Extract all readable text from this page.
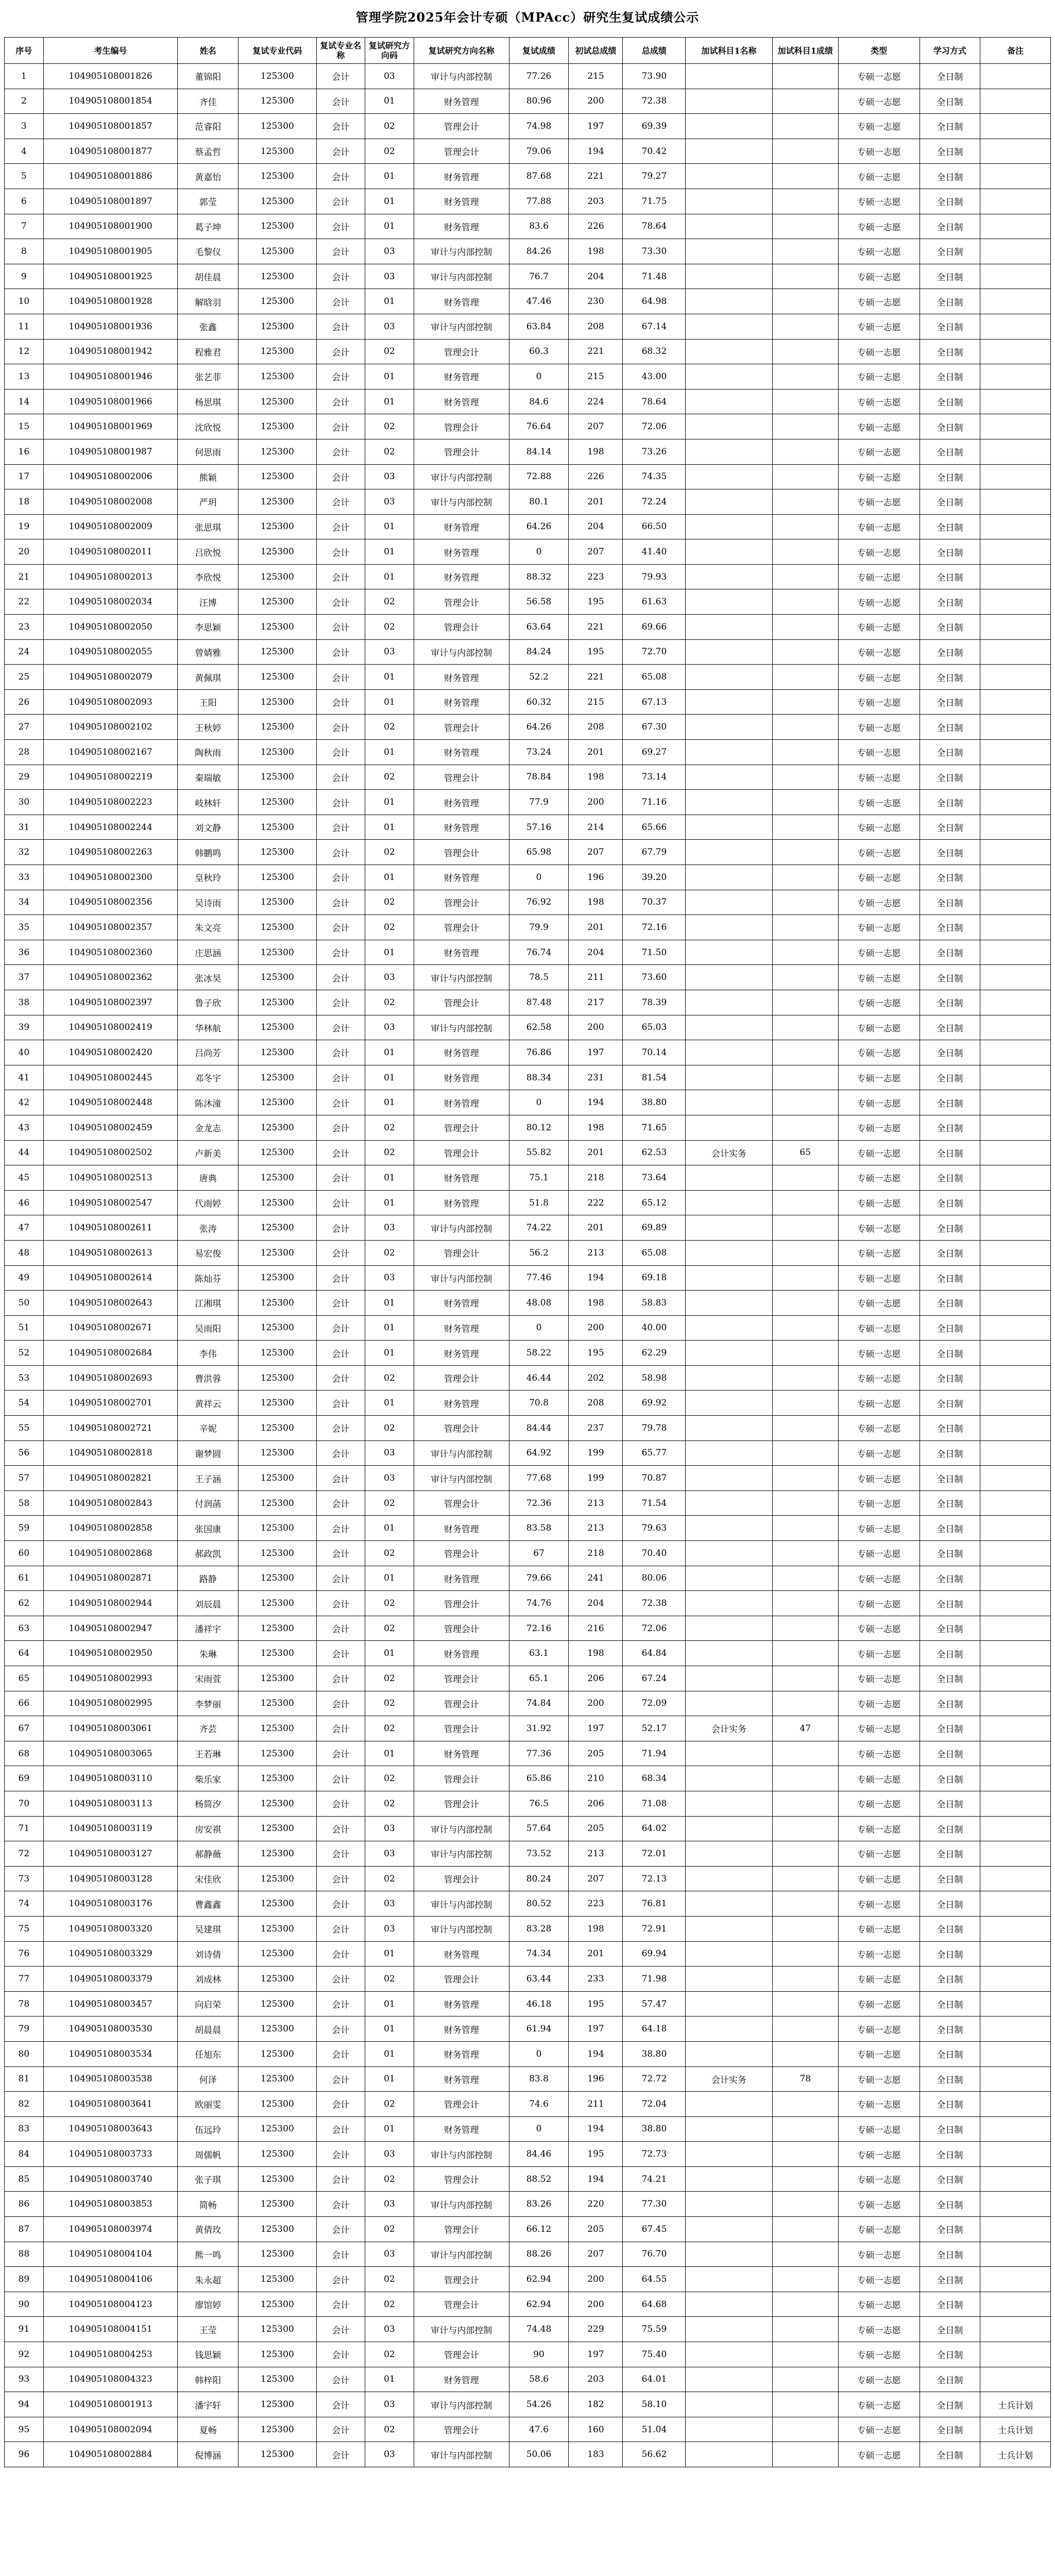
管理学院2025年会计专硕（MPAcc）研究生复试成绩公示
序号	考生编号	姓名	复试专业代码	复试专业名称	复试研究方向码	复试研究方向名称	复试成绩	初试总成绩	总成绩	加试科目1名称	加试科目1成绩	类型	学习方式	备注
1	104905108001826	董锦阳	125300	会计	03	审计与内部控制	77.26	215	73.90			专硕一志愿	全日制	
2	104905108001854	齐佳	125300	会计	01	财务管理	80.96	200	72.38			专硕一志愿	全日制	
3	104905108001857	范睿阳	125300	会计	02	管理会计	74.98	197	69.39			专硕一志愿	全日制	
4	104905108001877	蔡孟哲	125300	会计	02	管理会计	79.06	194	70.42			专硕一志愿	全日制	
5	104905108001886	黄嘉怡	125300	会计	01	财务管理	87.68	221	79.27			专硕一志愿	全日制	
6	104905108001897	郭莹	125300	会计	01	财务管理	77.88	203	71.75			专硕一志愿	全日制	
7	104905108001900	葛子坤	125300	会计	01	财务管理	83.6	226	78.64			专硕一志愿	全日制	
8	104905108001905	毛黎仪	125300	会计	03	审计与内部控制	84.26	198	73.30			专硕一志愿	全日制	
9	104905108001925	胡佳晨	125300	会计	03	审计与内部控制	76.7	204	71.48			专硕一志愿	全日制	
10	104905108001928	解晗羽	125300	会计	01	财务管理	47.46	230	64.98			专硕一志愿	全日制	
11	104905108001936	张鑫	125300	会计	03	审计与内部控制	63.84	208	67.14			专硕一志愿	全日制	
12	104905108001942	程雅君	125300	会计	02	管理会计	60.3	221	68.32			专硕一志愿	全日制	
13	104905108001946	张艺菲	125300	会计	01	财务管理	0	215	43.00			专硕一志愿	全日制	
14	104905108001966	杨思琪	125300	会计	01	财务管理	84.6	224	78.64			专硕一志愿	全日制	
15	104905108001969	沈欣悦	125300	会计	02	管理会计	76.64	207	72.06			专硕一志愿	全日制	
16	104905108001987	何思雨	125300	会计	02	管理会计	84.14	198	73.26			专硕一志愿	全日制	
17	104905108002006	熊颖	125300	会计	03	审计与内部控制	72.88	226	74.35			专硕一志愿	全日制	
18	104905108002008	严玥	125300	会计	03	审计与内部控制	80.1	201	72.24			专硕一志愿	全日制	
19	104905108002009	张思琪	125300	会计	01	财务管理	64.26	204	66.50			专硕一志愿	全日制	
20	104905108002011	吕欣悦	125300	会计	01	财务管理	0	207	41.40			专硕一志愿	全日制	
21	104905108002013	李欣悦	125300	会计	01	财务管理	88.32	223	79.93			专硕一志愿	全日制	
22	104905108002034	汪博	125300	会计	02	管理会计	56.58	195	61.63			专硕一志愿	全日制	
23	104905108002050	李思颖	125300	会计	02	管理会计	63.64	221	69.66			专硕一志愿	全日制	
24	104905108002055	曾婧雅	125300	会计	03	审计与内部控制	84.24	195	72.70			专硕一志愿	全日制	
25	104905108002079	黄佩琪	125300	会计	01	财务管理	52.2	221	65.08			专硕一志愿	全日制	
26	104905108002093	王阳	125300	会计	01	财务管理	60.32	215	67.13			专硕一志愿	全日制	
27	104905108002102	王秋婷	125300	会计	02	管理会计	64.26	208	67.30			专硕一志愿	全日制	
28	104905108002167	陶秋雨	125300	会计	01	财务管理	73.24	201	69.27			专硕一志愿	全日制	
29	104905108002219	秦瑞敏	125300	会计	02	管理会计	78.84	198	73.14			专硕一志愿	全日制	
30	104905108002223	岐林轩	125300	会计	01	财务管理	77.9	200	71.16			专硕一志愿	全日制	
31	104905108002244	刘文静	125300	会计	01	财务管理	57.16	214	65.66			专硕一志愿	全日制	
32	104905108002263	韩鹏鸣	125300	会计	02	管理会计	65.98	207	67.79			专硕一志愿	全日制	
33	104905108002300	皇秋玲	125300	会计	01	财务管理	0	196	39.20			专硕一志愿	全日制	
34	104905108002356	吴诗雨	125300	会计	02	管理会计	76.92	198	70.37			专硕一志愿	全日制	
35	104905108002357	朱文亮	125300	会计	02	管理会计	79.9	201	72.16			专硕一志愿	全日制	
36	104905108002360	庄思涵	125300	会计	01	财务管理	76.74	204	71.50			专硕一志愿	全日制	
37	104905108002362	张冰昊	125300	会计	03	审计与内部控制	78.5	211	73.60			专硕一志愿	全日制	
38	104905108002397	鲁子欣	125300	会计	02	管理会计	87.48	217	78.39			专硕一志愿	全日制	
39	104905108002419	华林航	125300	会计	03	审计与内部控制	62.58	200	65.03			专硕一志愿	全日制	
40	104905108002420	吕尚芳	125300	会计	01	财务管理	76.86	197	70.14			专硕一志愿	全日制	
41	104905108002445	邓冬宇	125300	会计	01	财务管理	88.34	231	81.54			专硕一志愿	全日制	
42	104905108002448	陈沐潼	125300	会计	01	财务管理	0	194	38.80			专硕一志愿	全日制	
43	104905108002459	金龙志	125300	会计	02	管理会计	80.12	198	71.65			专硕一志愿	全日制	
44	104905108002502	卢新美	125300	会计	02	管理会计	55.82	201	62.53	会计实务	65	专硕一志愿	全日制	
45	104905108002513	唐典	125300	会计	01	财务管理	75.1	218	73.64			专硕一志愿	全日制	
46	104905108002547	代雨婷	125300	会计	01	财务管理	51.8	222	65.12			专硕一志愿	全日制	
47	104905108002611	张涛	125300	会计	03	审计与内部控制	74.22	201	69.89			专硕一志愿	全日制	
48	104905108002613	易宏俊	125300	会计	02	管理会计	56.2	213	65.08			专硕一志愿	全日制	
49	104905108002614	陈灿芬	125300	会计	03	审计与内部控制	77.46	194	69.18			专硕一志愿	全日制	
50	104905108002643	江湘琪	125300	会计	01	财务管理	48.08	198	58.83			专硕一志愿	全日制	
51	104905108002671	吴雨阳	125300	会计	01	财务管理	0	200	40.00			专硕一志愿	全日制	
52	104905108002684	李伟	125300	会计	01	财务管理	58.22	195	62.29			专硕一志愿	全日制	
53	104905108002693	曹洪蓉	125300	会计	02	管理会计	46.44	202	58.98			专硕一志愿	全日制	
54	104905108002701	黄祥云	125300	会计	01	财务管理	70.8	208	69.92			专硕一志愿	全日制	
55	104905108002721	辛妮	125300	会计	02	管理会计	84.44	237	79.78			专硕一志愿	全日制	
56	104905108002818	谢梦圆	125300	会计	03	审计与内部控制	64.92	199	65.77			专硕一志愿	全日制	
57	104905108002821	王子涵	125300	会计	03	审计与内部控制	77.68	199	70.87			专硕一志愿	全日制	
58	104905108002843	付润菡	125300	会计	02	管理会计	72.36	213	71.54			专硕一志愿	全日制	
59	104905108002858	张国康	125300	会计	01	财务管理	83.58	213	79.63			专硕一志愿	全日制	
60	104905108002868	郝政凯	125300	会计	02	管理会计	67	218	70.40			专硕一志愿	全日制	
61	104905108002871	路静	125300	会计	01	财务管理	79.66	241	80.06			专硕一志愿	全日制	
62	104905108002944	刘辰晨	125300	会计	02	管理会计	74.76	204	72.38			专硕一志愿	全日制	
63	104905108002947	潘祥宇	125300	会计	02	管理会计	72.16	216	72.06			专硕一志愿	全日制	
64	104905108002950	朱琳	125300	会计	01	财务管理	63.1	198	64.84			专硕一志愿	全日制	
65	104905108002993	宋雨萱	125300	会计	02	管理会计	65.1	206	67.24			专硕一志愿	全日制	
66	104905108002995	李梦丽	125300	会计	02	管理会计	74.84	200	72.09			专硕一志愿	全日制	
67	104905108003061	齐芸	125300	会计	02	管理会计	31.92	197	52.17	会计实务	47	专硕一志愿	全日制	
68	104905108003065	王若琳	125300	会计	01	财务管理	77.36	205	71.94			专硕一志愿	全日制	
69	104905108003110	柴乐家	125300	会计	02	管理会计	65.86	210	68.34			专硕一志愿	全日制	
70	104905108003113	杨简汐	125300	会计	02	管理会计	76.5	206	71.08			专硕一志愿	全日制	
71	104905108003119	房安祺	125300	会计	03	审计与内部控制	57.64	205	64.02			专硕一志愿	全日制	
72	104905108003127	郝静薇	125300	会计	03	审计与内部控制	73.52	213	72.01			专硕一志愿	全日制	
73	104905108003128	宋佳欣	125300	会计	02	管理会计	80.24	207	72.13			专硕一志愿	全日制	
74	104905108003176	曹鑫鑫	125300	会计	03	审计与内部控制	80.52	223	76.81			专硕一志愿	全日制	
75	104905108003320	吴建琪	125300	会计	03	审计与内部控制	83.28	198	72.91			专硕一志愿	全日制	
76	104905108003329	刘诗倩	125300	会计	01	财务管理	74.34	201	69.94			专硕一志愿	全日制	
77	104905108003379	刘成林	125300	会计	02	管理会计	63.44	233	71.98			专硕一志愿	全日制	
78	104905108003457	向启荣	125300	会计	01	财务管理	46.18	195	57.47			专硕一志愿	全日制	
79	104905108003530	胡晨晨	125300	会计	01	财务管理	61.94	197	64.18			专硕一志愿	全日制	
80	104905108003534	任旭东	125300	会计	01	财务管理	0	194	38.80			专硕一志愿	全日制	
81	104905108003538	何泽	125300	会计	01	财务管理	83.8	196	72.72	会计实务	78	专硕一志愿	全日制	
82	104905108003641	欧丽雯	125300	会计	02	管理会计	74.6	211	72.04			专硕一志愿	全日制	
83	104905108003643	伍远玲	125300	会计	01	财务管理	0	194	38.80			专硕一志愿	全日制	
84	104905108003733	周儒帆	125300	会计	03	审计与内部控制	84.46	195	72.73			专硕一志愿	全日制	
85	104905108003740	张子琪	125300	会计	02	管理会计	88.52	194	74.21			专硕一志愿	全日制	
86	104905108003853	简畅	125300	会计	03	审计与内部控制	83.26	220	77.30			专硕一志愿	全日制	
87	104905108003974	黄倩玫	125300	会计	02	管理会计	66.12	205	67.45			专硕一志愿	全日制	
88	104905108004104	熊一鸣	125300	会计	03	审计与内部控制	88.26	207	76.70			专硕一志愿	全日制	
89	104905108004106	朱永超	125300	会计	02	管理会计	62.94	200	64.55			专硕一志愿	全日制	
90	104905108004123	廖馆婷	125300	会计	02	管理会计	62.94	200	64.68			专硕一志愿	全日制	
91	104905108004151	王莹	125300	会计	03	审计与内部控制	74.48	229	75.59			专硕一志愿	全日制	
92	104905108004253	钱思颖	125300	会计	02	管理会计	90	197	75.40			专硕一志愿	全日制	
93	104905108004323	韩梓阳	125300	会计	01	财务管理	58.6	203	64.01			专硕一志愿	全日制	
94	104905108001913	潘宇轩	125300	会计	03	审计与内部控制	54.26	182	58.10			专硕一志愿	全日制	士兵计划
95	104905108002094	夏畅	125300	会计	02	管理会计	47.6	160	51.04			专硕一志愿	全日制	士兵计划
96	104905108002884	倪博涵	125300	会计	03	审计与内部控制	50.06	183	56.62			专硕一志愿	全日制	士兵计划
